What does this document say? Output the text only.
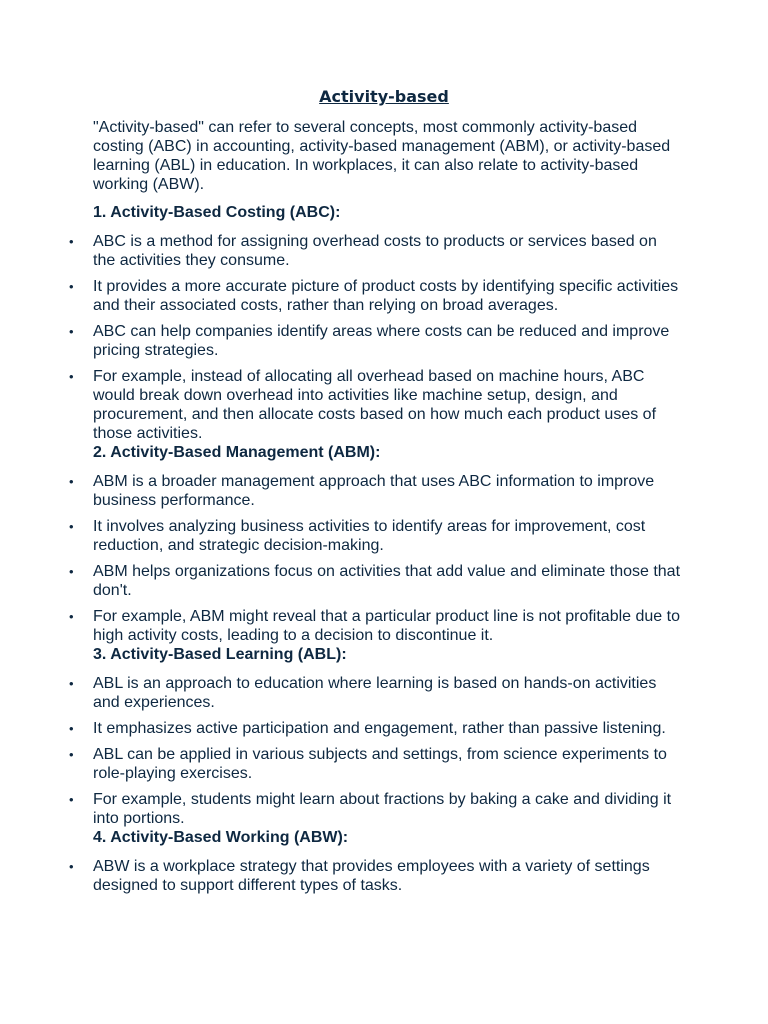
Activity-based

"Activity-based" can refer to several concepts, most commonly activity-based costing (ABC) in accounting, activity-based management (ABM), or activity-based learning (ABL) in education. In workplaces, it can also relate to activity-based working (ABW).

1. Activity-Based Costing (ABC):
• ABC is a method for assigning overhead costs to products or services based on the activities they consume.
• It provides a more accurate picture of product costs by identifying specific activities and their associated costs, rather than relying on broad averages.
• ABC can help companies identify areas where costs can be reduced and improve pricing strategies.
• For example, instead of allocating all overhead based on machine hours, ABC would break down overhead into activities like machine setup, design, and procurement, and then allocate costs based on how much each product uses of those activities.
2. Activity-Based Management (ABM):
• ABM is a broader management approach that uses ABC information to improve business performance.
• It involves analyzing business activities to identify areas for improvement, cost reduction, and strategic decision-making.
• ABM helps organizations focus on activities that add value and eliminate those that don't.
• For example, ABM might reveal that a particular product line is not profitable due to high activity costs, leading to a decision to discontinue it.
3. Activity-Based Learning (ABL):
• ABL is an approach to education where learning is based on hands-on activities and experiences.
• It emphasizes active participation and engagement, rather than passive listening.
• ABL can be applied in various subjects and settings, from science experiments to role-playing exercises.
• For example, students might learn about fractions by baking a cake and dividing it into portions.
4. Activity-Based Working (ABW):
• ABW is a workplace strategy that provides employees with a variety of settings designed to support different types of tasks.
